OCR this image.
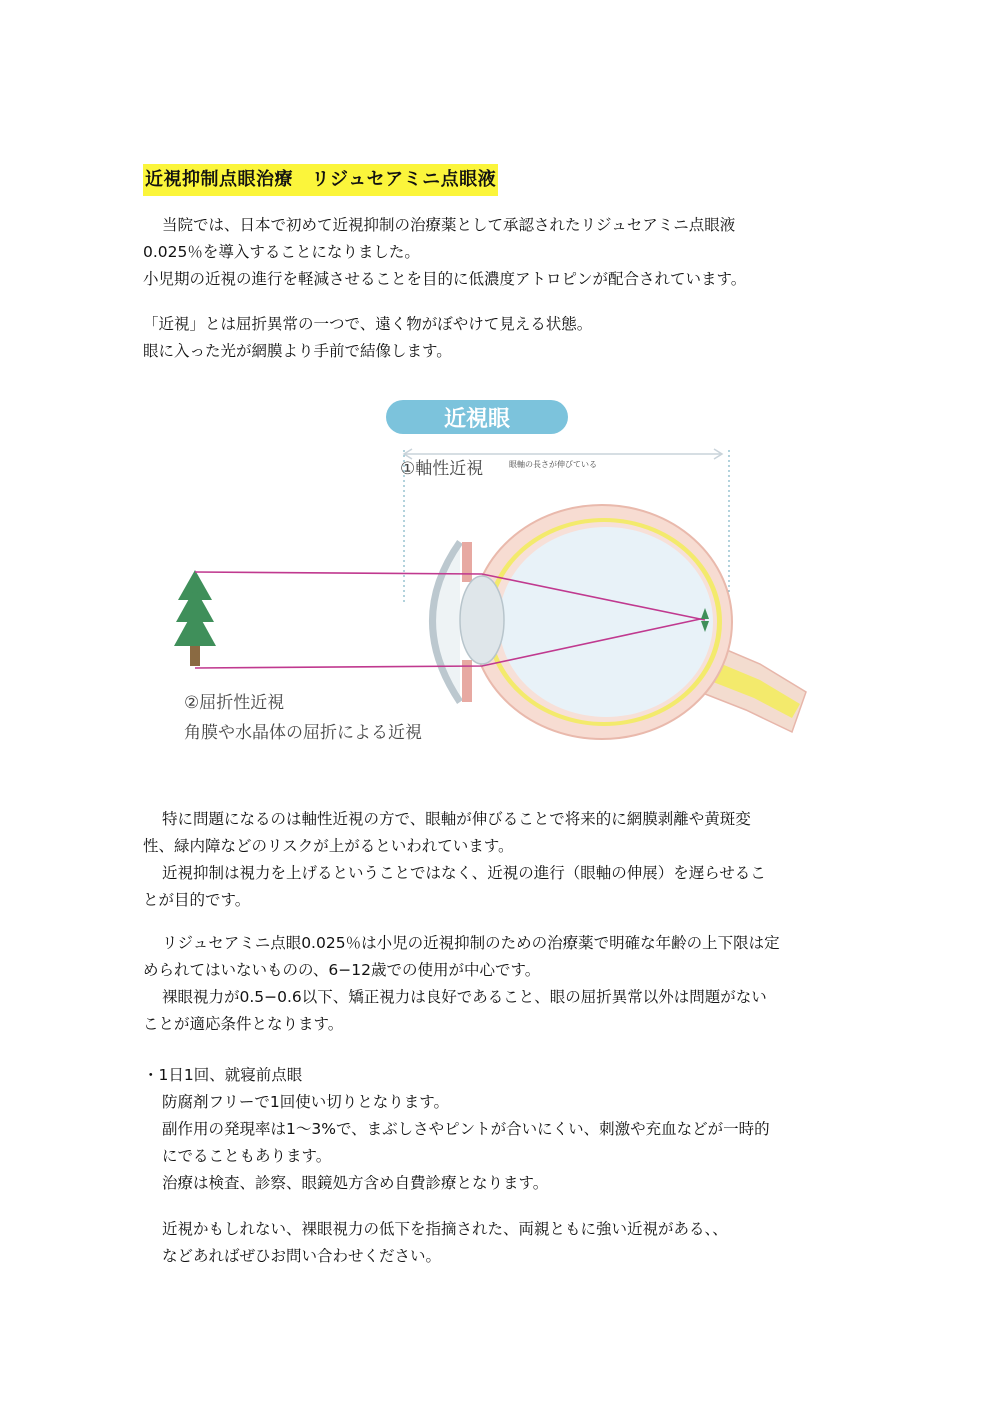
近視抑制点眼治療　リジュセアミニ点眼液
当院では、日本で初めて近視抑制の治療薬として承認されたリジュセアミニ点眼液
0.025％を導入することになりました。
小児期の近視の進行を軽減させることを目的に低濃度アトロピンが配合されています。
「近視」とは屈折異常の一つで、遠く物がぼやけて見える状態。
眼に入った光が網膜より手前で結像します。
近視眼
①軸性近視	眼軸の長さが伸びている
②屈折性近視
角膜や水晶体の屈折による近視
特に問題になるのは軸性近視の方で、眼軸が伸びることで将来的に網膜剥離や黄斑変
性、緑内障などのリスクが上がるといわれています。
近視抑制は視力を上げるということではなく、近視の進行（眼軸の伸展）を遅らせるこ
とが目的です。
リジュセアミニ点眼0.025％は小児の近視抑制のための治療薬で明確な年齢の上下限は定
められてはいないものの、6−12歳での使用が中心です。
裸眼視力が0.5−0.6以下、矯正視力は良好であること、眼の屈折異常以外は問題がない
ことが適応条件となります。
・1日1回、就寝前点眼
防腐剤フリーで1回使い切りとなります。
副作用の発現率は1〜3%で、まぶしさやピントが合いにくい、刺激や充血などが一時的
にでることもあります。
治療は検査、診察、眼鏡処方含め自費診療となります。
近視かもしれない、裸眼視力の低下を指摘された、両親ともに強い近視がある、、
などあればぜひお問い合わせください。
